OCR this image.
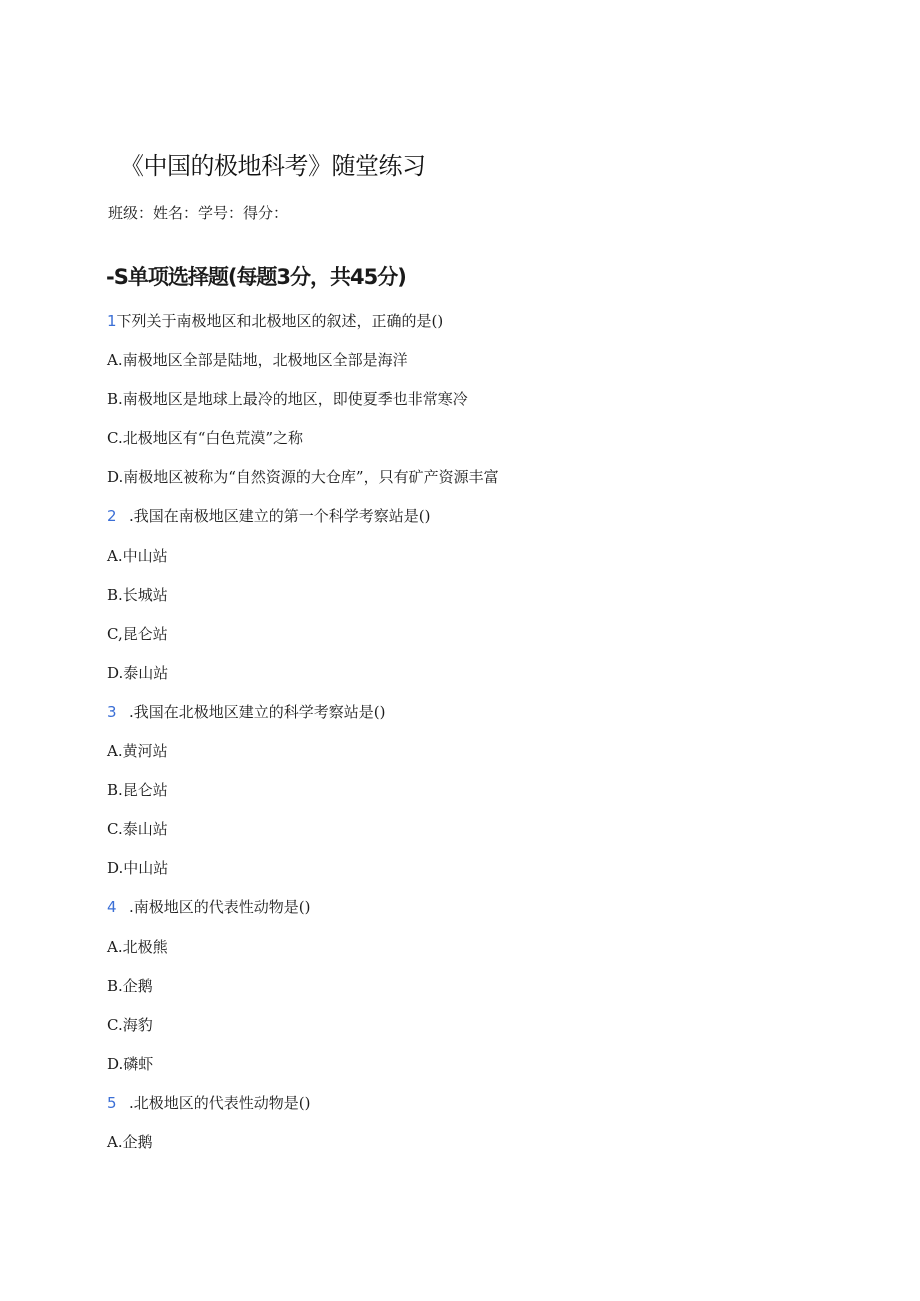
《中国的极地科考》随堂练习
班级：姓名：学号：得分：
-S单项选择题(每题3分，共45分)
1下列关于南极地区和北极地区的叙述，正确的是()
A.南极地区全部是陆地，北极地区全部是海洋
B.南极地区是地球上最冷的地区，即使夏季也非常寒冷
C.北极地区有“白色荒漠”之称
D.南极地区被称为“自然资源的大仓库”，只有矿产资源丰富
2 .我国在南极地区建立的第一个科学考察站是()
A.中山站
B.长城站
C,昆仑站
D.泰山站
3 .我国在北极地区建立的科学考察站是()
A.黄河站
B.昆仑站
C.泰山站
D.中山站
4 .南极地区的代表性动物是()
A.北极熊
B.企鹅
C.海豹
D.磷虾
5 .北极地区的代表性动物是()
A.企鹅
